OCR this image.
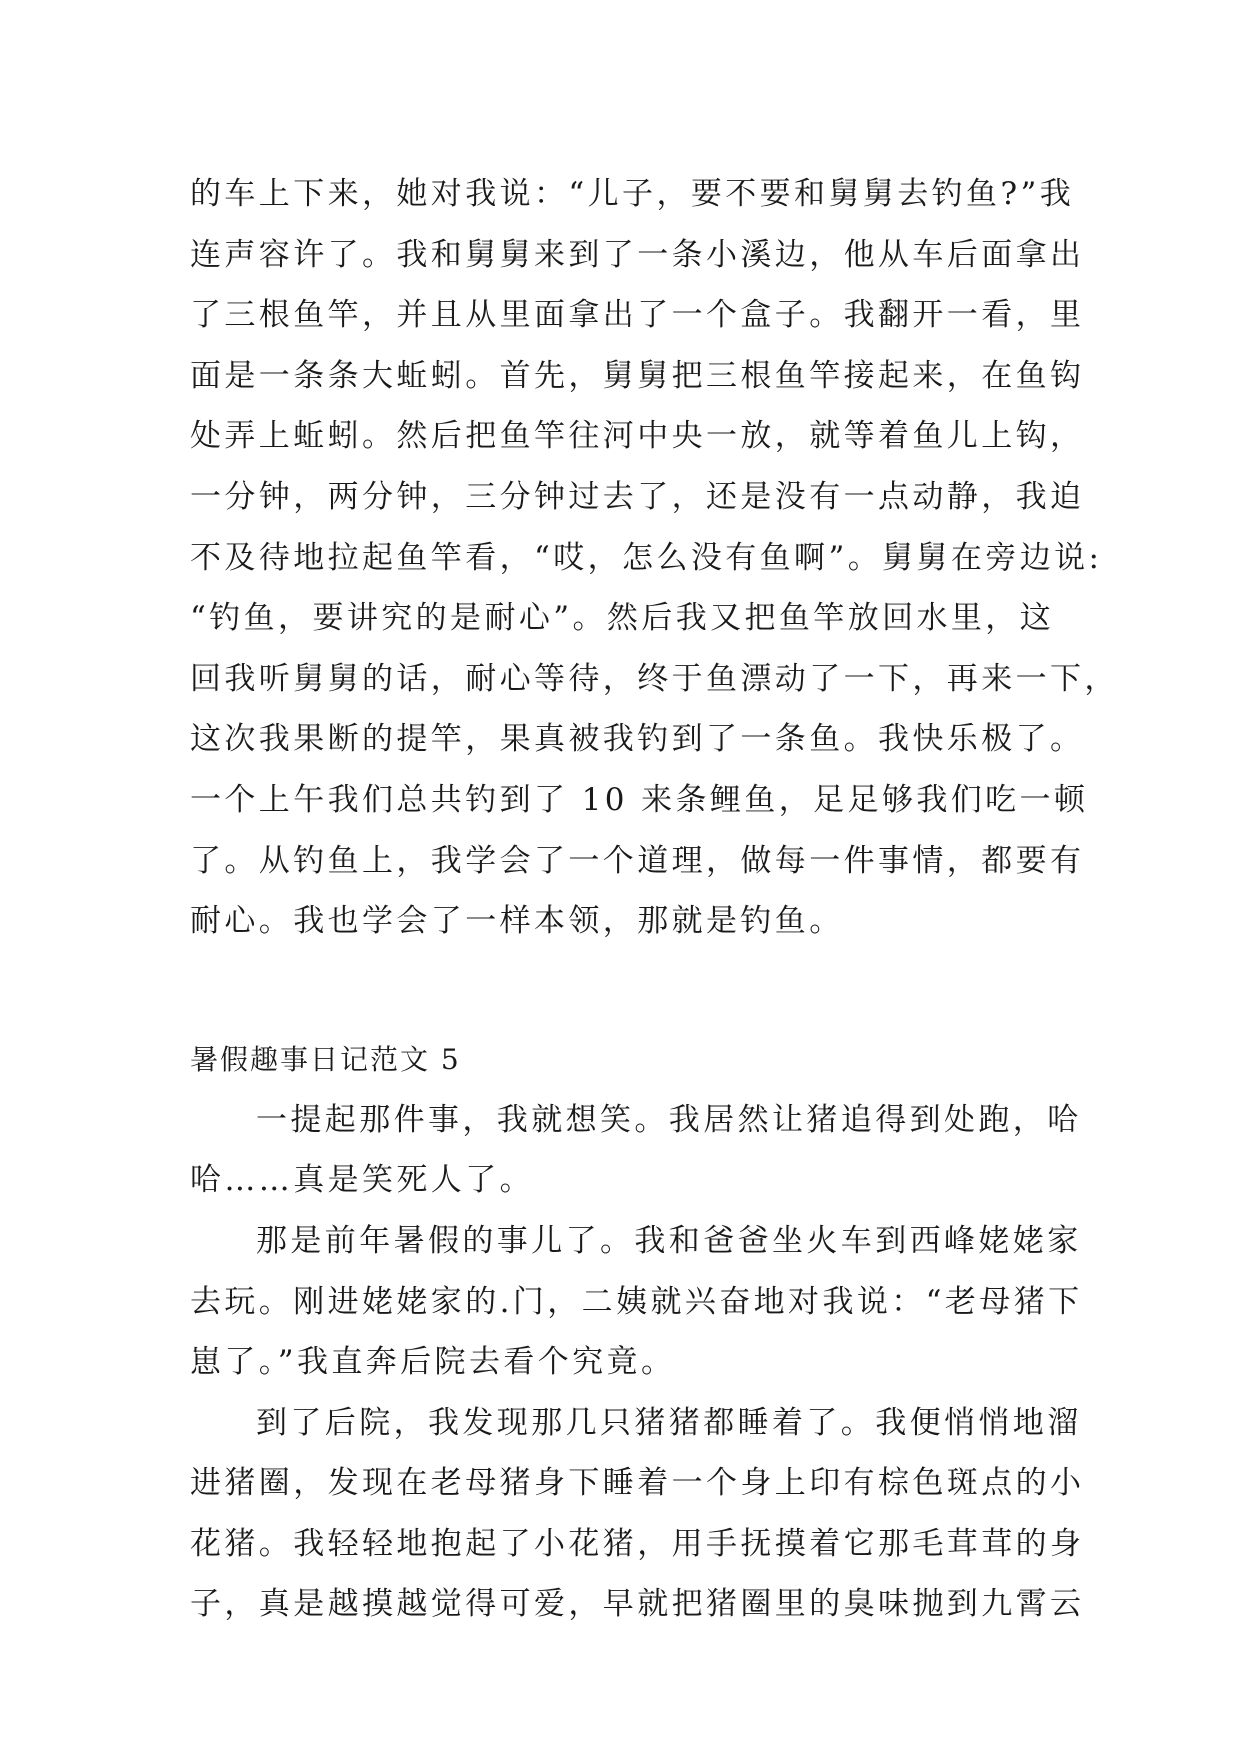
的车上下来，她对我说：“儿子，要不要和舅舅去钓鱼?”我
连声容许了。我和舅舅来到了一条小溪边，他从车后面拿出
了三根鱼竿，并且从里面拿出了一个盒子。我翻开一看，里
面是一条条大蚯蚓。首先，舅舅把三根鱼竿接起来，在鱼钩
处弄上蚯蚓。然后把鱼竿往河中央一放，就等着鱼儿上钩，
一分钟，两分钟，三分钟过去了，还是没有一点动静，我迫
不及待地拉起鱼竿看，“哎，怎么没有鱼啊”。舅舅在旁边说:
“钓鱼，要讲究的是耐心”。然后我又把鱼竿放回水里，这
回我听舅舅的话，耐心等待，终于鱼漂动了一下，再来一下，
这次我果断的提竿，果真被我钓到了一条鱼。我快乐极了。
一个上午我们总共钓到了 10 来条鲤鱼，足足够我们吃一顿
了。从钓鱼上，我学会了一个道理，做每一件事情，都要有
耐心。我也学会了一样本领，那就是钓鱼。
暑假趣事日记范文 5
一提起那件事，我就想笑。我居然让猪追得到处跑，哈
哈……真是笑死人了。
那是前年暑假的事儿了。我和爸爸坐火车到西峰姥姥家
去玩。刚进姥姥家的.门，二姨就兴奋地对我说：“老母猪下
崽了。”我直奔后院去看个究竟。
到了后院，我发现那几只猪猪都睡着了。我便悄悄地溜
进猪圈，发现在老母猪身下睡着一个身上印有棕色斑点的小
花猪。我轻轻地抱起了小花猪，用手抚摸着它那毛茸茸的身
子，真是越摸越觉得可爱，早就把猪圈里的臭味抛到九霄云
